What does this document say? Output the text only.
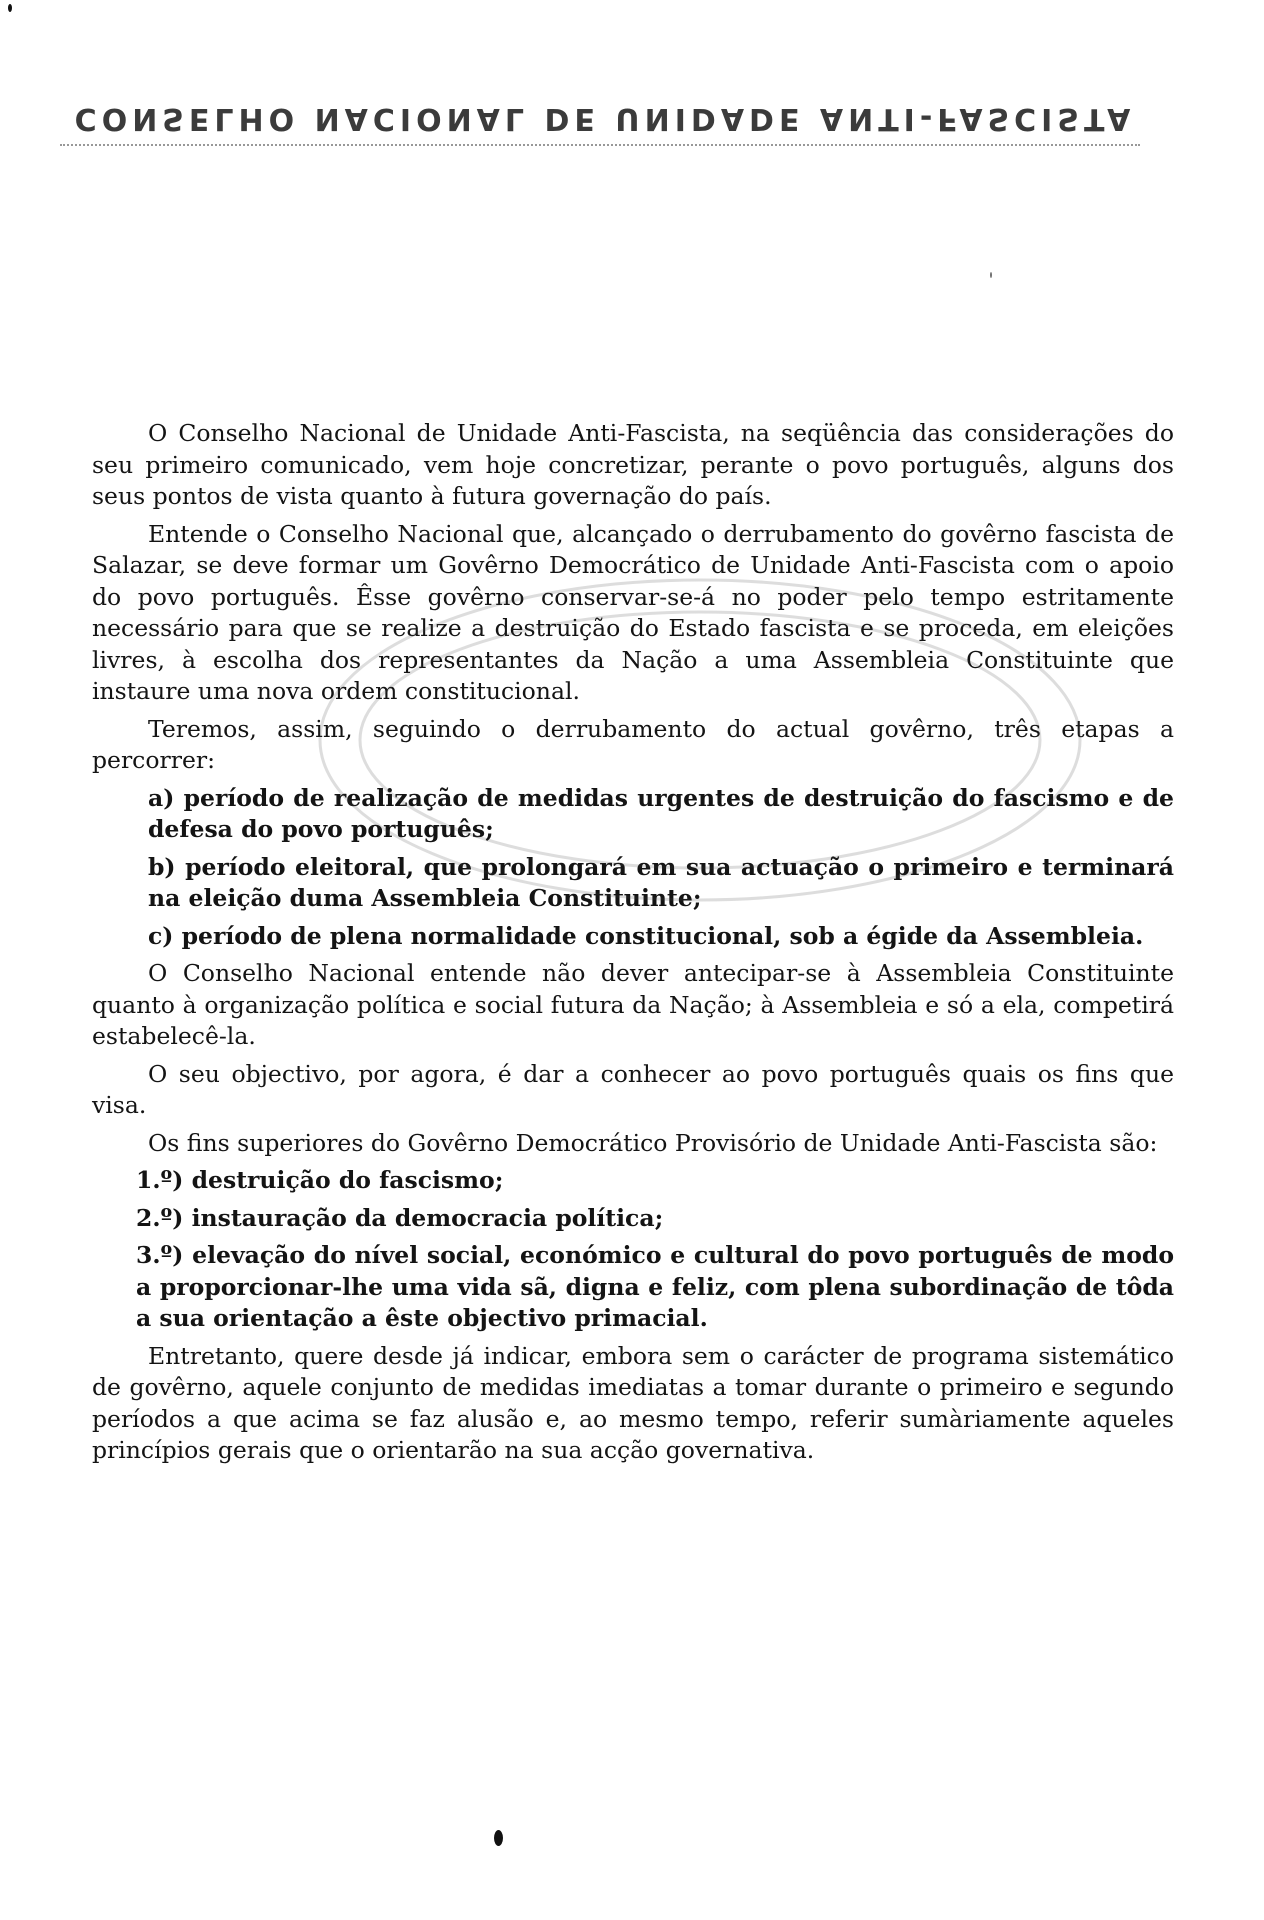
CONSELHO NACIONAL DE UNIDADE ANTI-FASCISTA

O Conselho Nacional de Unidade Anti-Fascista, na seqüência das considerações do seu primeiro comunicado, vem hoje concretizar, perante o povo português, alguns dos seus pontos de vista quanto à futura governação do país.

Entende o Conselho Nacional que, alcançado o derrubamento do govêrno fascista de Salazar, se deve formar um Govêrno Democrático de Unidade Anti-Fascista com o apoio do povo português. Êsse govêrno conservar-se-á no poder pelo tempo estritamente necessário para que se realize a destruição do Estado fascista e se proceda, em eleições livres, à escolha dos representantes da Nação a uma Assembleia Constituinte que instaure uma nova ordem constitucional.

Teremos, assim, seguindo o derrubamento do actual govêrno, três etapas a percorrer:

a) período de realização de medidas urgentes de destruição do fascismo e de defesa do povo português;

b) período eleitoral, que prolongará em sua actuação o primeiro e terminará na eleição duma Assembleia Constituinte;

c) período de plena normalidade constitucional, sob a égide da Assembleia.

O Conselho Nacional entende não dever antecipar-se à Assembleia Constituinte quanto à organização política e social futura da Nação; à Assembleia e só a ela, competirá estabelecê-la.

O seu objectivo, por agora, é dar a conhecer ao povo português quais os fins que visa.

Os fins superiores do Govêrno Democrático Provisório de Unidade Anti-Fascista são:

1.º) destruição do fascismo;

2.º) instauração da democracia política;

3.º) elevação do nível social, económico e cultural do povo português de modo a proporcionar-lhe uma vida sã, digna e feliz, com plena subordinação de tôda a sua orientação a êste objectivo primacial.

Entretanto, quere desde já indicar, embora sem o carácter de programa sistemático de govêrno, aquele conjunto de medidas imediatas a tomar durante o primeiro e segundo períodos a que acima se faz alusão e, ao mesmo tempo, referir sumàriamente aqueles princípios gerais que o orientarão na sua acção governativa.
